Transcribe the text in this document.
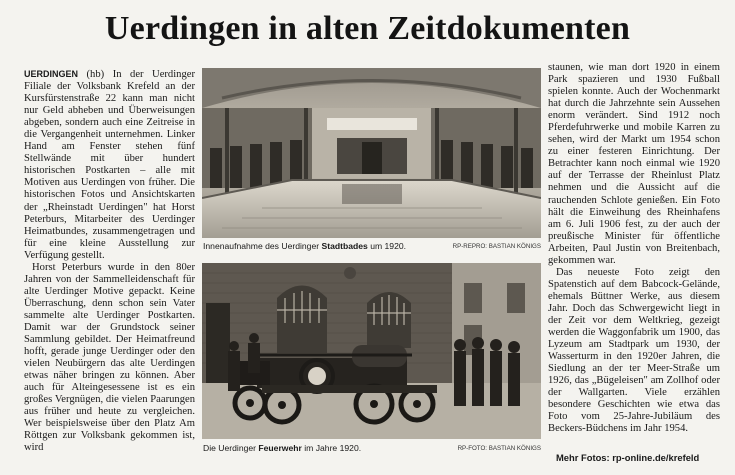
Uerdingen in alten Zeitdokumenten

UERDINGEN (hb) In der Uerdinger Filiale der Volksbank Krefeld an der Kursfürstenstraße 22 kann man nicht nur Geld abheben und Überweisungen abgeben, sondern auch eine Zeitreise in die Vergangenheit unternehmen. Linker Hand am Fenster stehen fünf Stellwände mit über hundert historischen Postkarten – alle mit Motiven aus Uerdingen von früher. Die historischen Fotos und Ansichtskarten der „Rheinstadt Uerdingen" hat Horst Peterburs, Mitarbeiter des Uerdinger Heimatbundes, zusammengetragen und für eine kleine Ausstellung zur Verfügung gestellt.

Horst Peterburs wurde in den 80er Jahren von der Sammelleidenschaft für alte Uerdinger Motive gepackt. Keine Überraschung, denn schon sein Vater sammelte alte Uerdinger Postkarten. Damit war der Grundstock seiner Sammlung gebildet. Der Heimatfreund hofft, gerade junge Uerdinger oder den vielen Neubürgern das alte Uerdingen etwas näher bringen zu können. Aber auch für Alteingesessene ist es ein großes Vergnügen, die vielen Paarungen aus früher und heute zu vergleichen. Wer beispielsweise über den Platz Am Röttgen zur Volksbank gekommen ist, wird

Innenaufnahme des Uerdinger Stadtbades um 1920.	RP-REPRO: BASTIAN KÖNIGS
Die Uerdinger Feuerwehr im Jahre 1920.	RP-FOTO: BASTIAN KÖNIGS

staunen, wie man dort 1920 in einem Park spazieren und 1930 Fußball spielen konnte. Auch der Wochenmarkt hat durch die Jahrzehnte sein Aussehen enorm verändert. Sind 1912 noch Pferdefuhrwerke und mobile Karren zu sehen, wird der Markt um 1954 schon zu einer festeren Einrichtung. Der Betrachter kann noch einmal wie 1920 auf der Terrasse der Rheinlust Platz nehmen und die Aussicht auf die rauchenden Schlote genießen. Ein Foto hält die Einweihung des Rheinhafens am 6. Juli 1906 fest, zu der auch der preußische Minister für öffentliche Arbeiten, Paul Justin von Breitenbach, gekommen war.

Das neueste Foto zeigt den Spatenstich auf dem Babcock-Gelände, ehemals Büttner Werke, aus diesem Jahr. Doch das Schwergewicht liegt in der Zeit vor dem Weltkrieg, gezeigt werden die Waggonfabrik um 1900, das Lyzeum am Stadtpark um 1930, der Wasserturm in den 1920er Jahren, die Siedlung an der ter Meer-Straße um 1926, das „Bügeleisen" am Zollhof oder der Wallgarten. Viele erzählen besondere Geschichten wie etwa das Foto vom 25-Jahre-Jubiläum des Beckers-Büdchens im Jahr 1954.

Mehr Fotos: rp-online.de/krefeld
